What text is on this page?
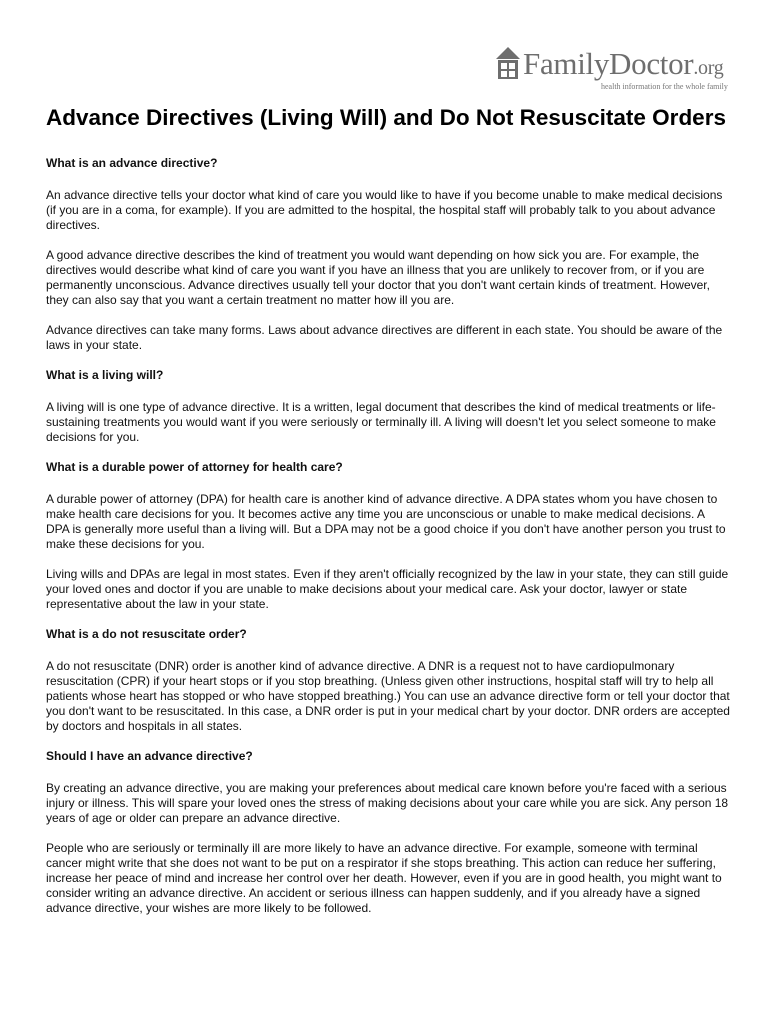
FamilyDoctor.org
health information for the whole family
Advance Directives (Living Will) and Do Not Resuscitate Orders
What is an advance directive?

An advance directive tells your doctor what kind of care you would like to have if you become unable to make medical decisions (if you are in a coma, for example). If you are admitted to the hospital, the hospital staff will probably talk to you about advance directives.

A good advance directive describes the kind of treatment you would want depending on how sick you are. For example, the directives would describe what kind of care you want if you have an illness that you are unlikely to recover from, or if you are permanently unconscious. Advance directives usually tell your doctor that you don't want certain kinds of treatment. However, they can also say that you want a certain treatment no matter how ill you are.

Advance directives can take many forms. Laws about advance directives are different in each state. You should be aware of the laws in your state.

What is a living will?

A living will is one type of advance directive. It is a written, legal document that describes the kind of medical treatments or life-sustaining treatments you would want if you were seriously or terminally ill. A living will doesn't let you select someone to make decisions for you.

What is a durable power of attorney for health care?

A durable power of attorney (DPA) for health care is another kind of advance directive. A DPA states whom you have chosen to make health care decisions for you. It becomes active any time you are unconscious or unable to make medical decisions. A DPA is generally more useful than a living will. But a DPA may not be a good choice if you don't have another person you trust to make these decisions for you.

Living wills and DPAs are legal in most states. Even if they aren't officially recognized by the law in your state, they can still guide your loved ones and doctor if you are unable to make decisions about your medical care. Ask your doctor, lawyer or state representative about the law in your state.

What is a do not resuscitate order?

A do not resuscitate (DNR) order is another kind of advance directive. A DNR is a request not to have cardiopulmonary resuscitation (CPR) if your heart stops or if you stop breathing. (Unless given other instructions, hospital staff will try to help all patients whose heart has stopped or who have stopped breathing.) You can use an advance directive form or tell your doctor that you don't want to be resuscitated. In this case, a DNR order is put in your medical chart by your doctor. DNR orders are accepted by doctors and hospitals in all states.

Should I have an advance directive?

By creating an advance directive, you are making your preferences about medical care known before you're faced with a serious injury or illness. This will spare your loved ones the stress of making decisions about your care while you are sick. Any person 18 years of age or older can prepare an advance directive.

People who are seriously or terminally ill are more likely to have an advance directive. For example, someone with terminal cancer might write that she does not want to be put on a respirator if she stops breathing. This action can reduce her suffering, increase her peace of mind and increase her control over her death. However, even if you are in good health, you might want to consider writing an advance directive. An accident or serious illness can happen suddenly, and if you already have a signed advance directive, your wishes are more likely to be followed.
